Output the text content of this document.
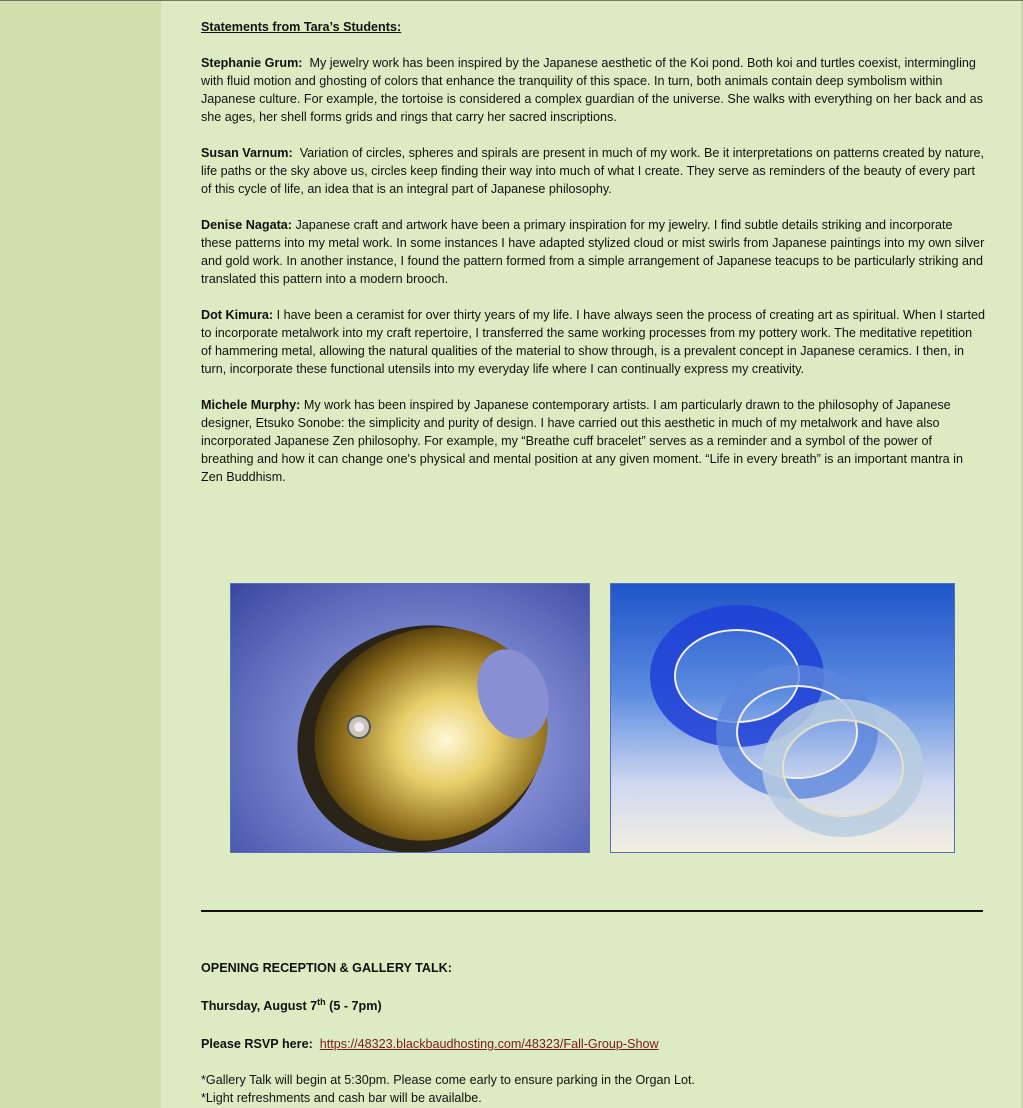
Statements from Tara’s Students:

Stephanie Grum: My jewelry work has been inspired by the Japanese aesthetic of the Koi pond. Both koi and turtles coexist, intermingling with fluid motion and ghosting of colors that enhance the tranquility of this space. In turn, both animals contain deep symbolism within Japanese culture. For example, the tortoise is considered a complex guardian of the universe. She walks with everything on her back and as she ages, her shell forms grids and rings that carry her sacred inscriptions.

Susan Varnum: Variation of circles, spheres and spirals are present in much of my work. Be it interpretations on patterns created by nature, life paths or the sky above us, circles keep finding their way into much of what I create. They serve as reminders of the beauty of every part of this cycle of life, an idea that is an integral part of Japanese philosophy.

Denise Nagata: Japanese craft and artwork have been a primary inspiration for my jewelry. I find subtle details striking and incorporate these patterns into my metal work. In some instances I have adapted stylized cloud or mist swirls from Japanese paintings into my own silver and gold work. In another instance, I found the pattern formed from a simple arrangement of Japanese teacups to be particularly striking and translated this pattern into a modern brooch.

Dot Kimura: I have been a ceramist for over thirty years of my life. I have always seen the process of creating art as spiritual. When I started to incorporate metalwork into my craft repertoire, I transferred the same working processes from my pottery work. The meditative repetition of hammering metal, allowing the natural qualities of the material to show through, is a prevalent concept in Japanese ceramics. I then, in turn, incorporate these functional utensils into my everyday life where I can continually express my creativity.

Michele Murphy: My work has been inspired by Japanese contemporary artists. I am particularly drawn to the philosophy of Japanese designer, Etsuko Sonobe: the simplicity and purity of design. I have carried out this aesthetic in much of my metalwork and have also incorporated Japanese Zen philosophy. For example, my “Breathe cuff bracelet” serves as a reminder and a symbol of the power of breathing and how it can change one's physical and mental position at any given moment. “Life in every breath” is an important mantra in Zen Buddhism.

OPENING RECEPTION & GALLERY TALK:
Thursday, August 7th (5 - 7pm)
Please RSVP here: https://48323.blackbaudhosting.com/48323/Fall-Group-Show
*Gallery Talk will begin at 5:30pm. Please come early to ensure parking in the Organ Lot.
*Light refreshments and cash bar will be availalbe.
